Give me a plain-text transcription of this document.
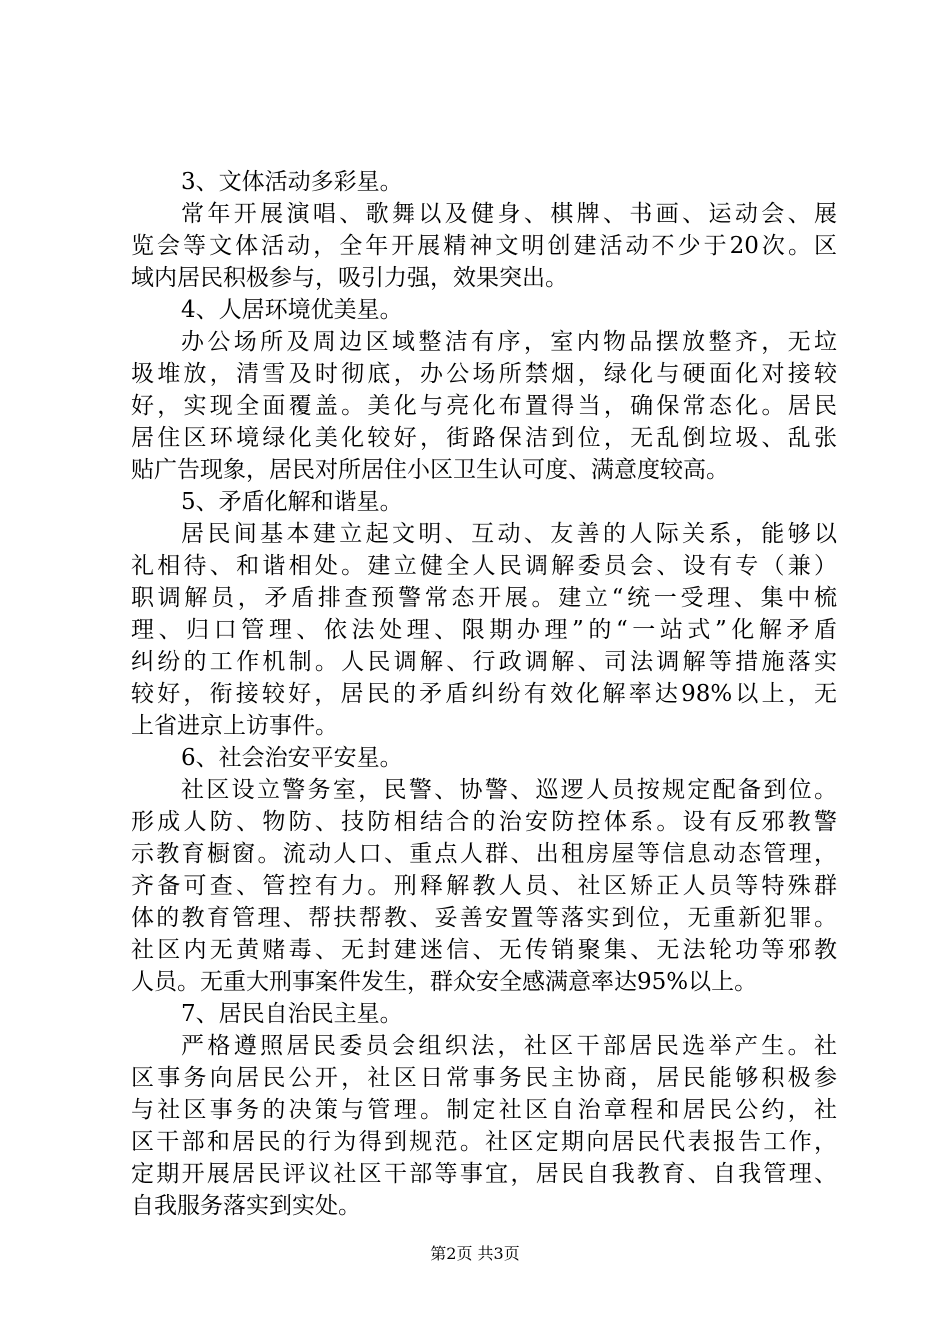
3、文体活动多彩星。

常年开展演唱、歌舞以及健身、棋牌、书画、运动会、展
览会等文体活动，全年开展精神文明创建活动不少于20次。区
域内居民积极参与，吸引力强，效果突出。

4、人居环境优美星。

办公场所及周边区域整洁有序，室内物品摆放整齐，无垃
圾堆放，清雪及时彻底，办公场所禁烟，绿化与硬面化对接较
好，实现全面覆盖。美化与亮化布置得当，确保常态化。居民
居住区环境绿化美化较好，街路保洁到位，无乱倒垃圾、乱张
贴广告现象，居民对所居住小区卫生认可度、满意度较高。

5、矛盾化解和谐星。

居民间基本建立起文明、互动、友善的人际关系，能够以
礼相待、和谐相处。建立健全人民调解委员会、设有专（兼）
职调解员，矛盾排查预警常态开展。建立“统一受理、集中梳
理、归口管理、依法处理、限期办理”的“一站式”化解矛盾
纠纷的工作机制。人民调解、行政调解、司法调解等措施落实
较好，衔接较好，居民的矛盾纠纷有效化解率达98%以上，无
上省进京上访事件。

6、社会治安平安星。

社区设立警务室，民警、协警、巡逻人员按规定配备到位。
形成人防、物防、技防相结合的治安防控体系。设有反邪教警
示教育橱窗。流动人口、重点人群、出租房屋等信息动态管理，
齐备可查、管控有力。刑释解教人员、社区矫正人员等特殊群
体的教育管理、帮扶帮教、妥善安置等落实到位，无重新犯罪。
社区内无黄赌毒、无封建迷信、无传销聚集、无法轮功等邪教
人员。无重大刑事案件发生，群众安全感满意率达95%以上。

7、居民自治民主星。

严格遵照居民委员会组织法，社区干部居民选举产生。社
区事务向居民公开，社区日常事务民主协商，居民能够积极参
与社区事务的决策与管理。制定社区自治章程和居民公约，社
区干部和居民的行为得到规范。社区定期向居民代表报告工作，
定期开展居民评议社区干部等事宜，居民自我教育、自我管理、
自我服务落实到实处。

第2页 共3页
